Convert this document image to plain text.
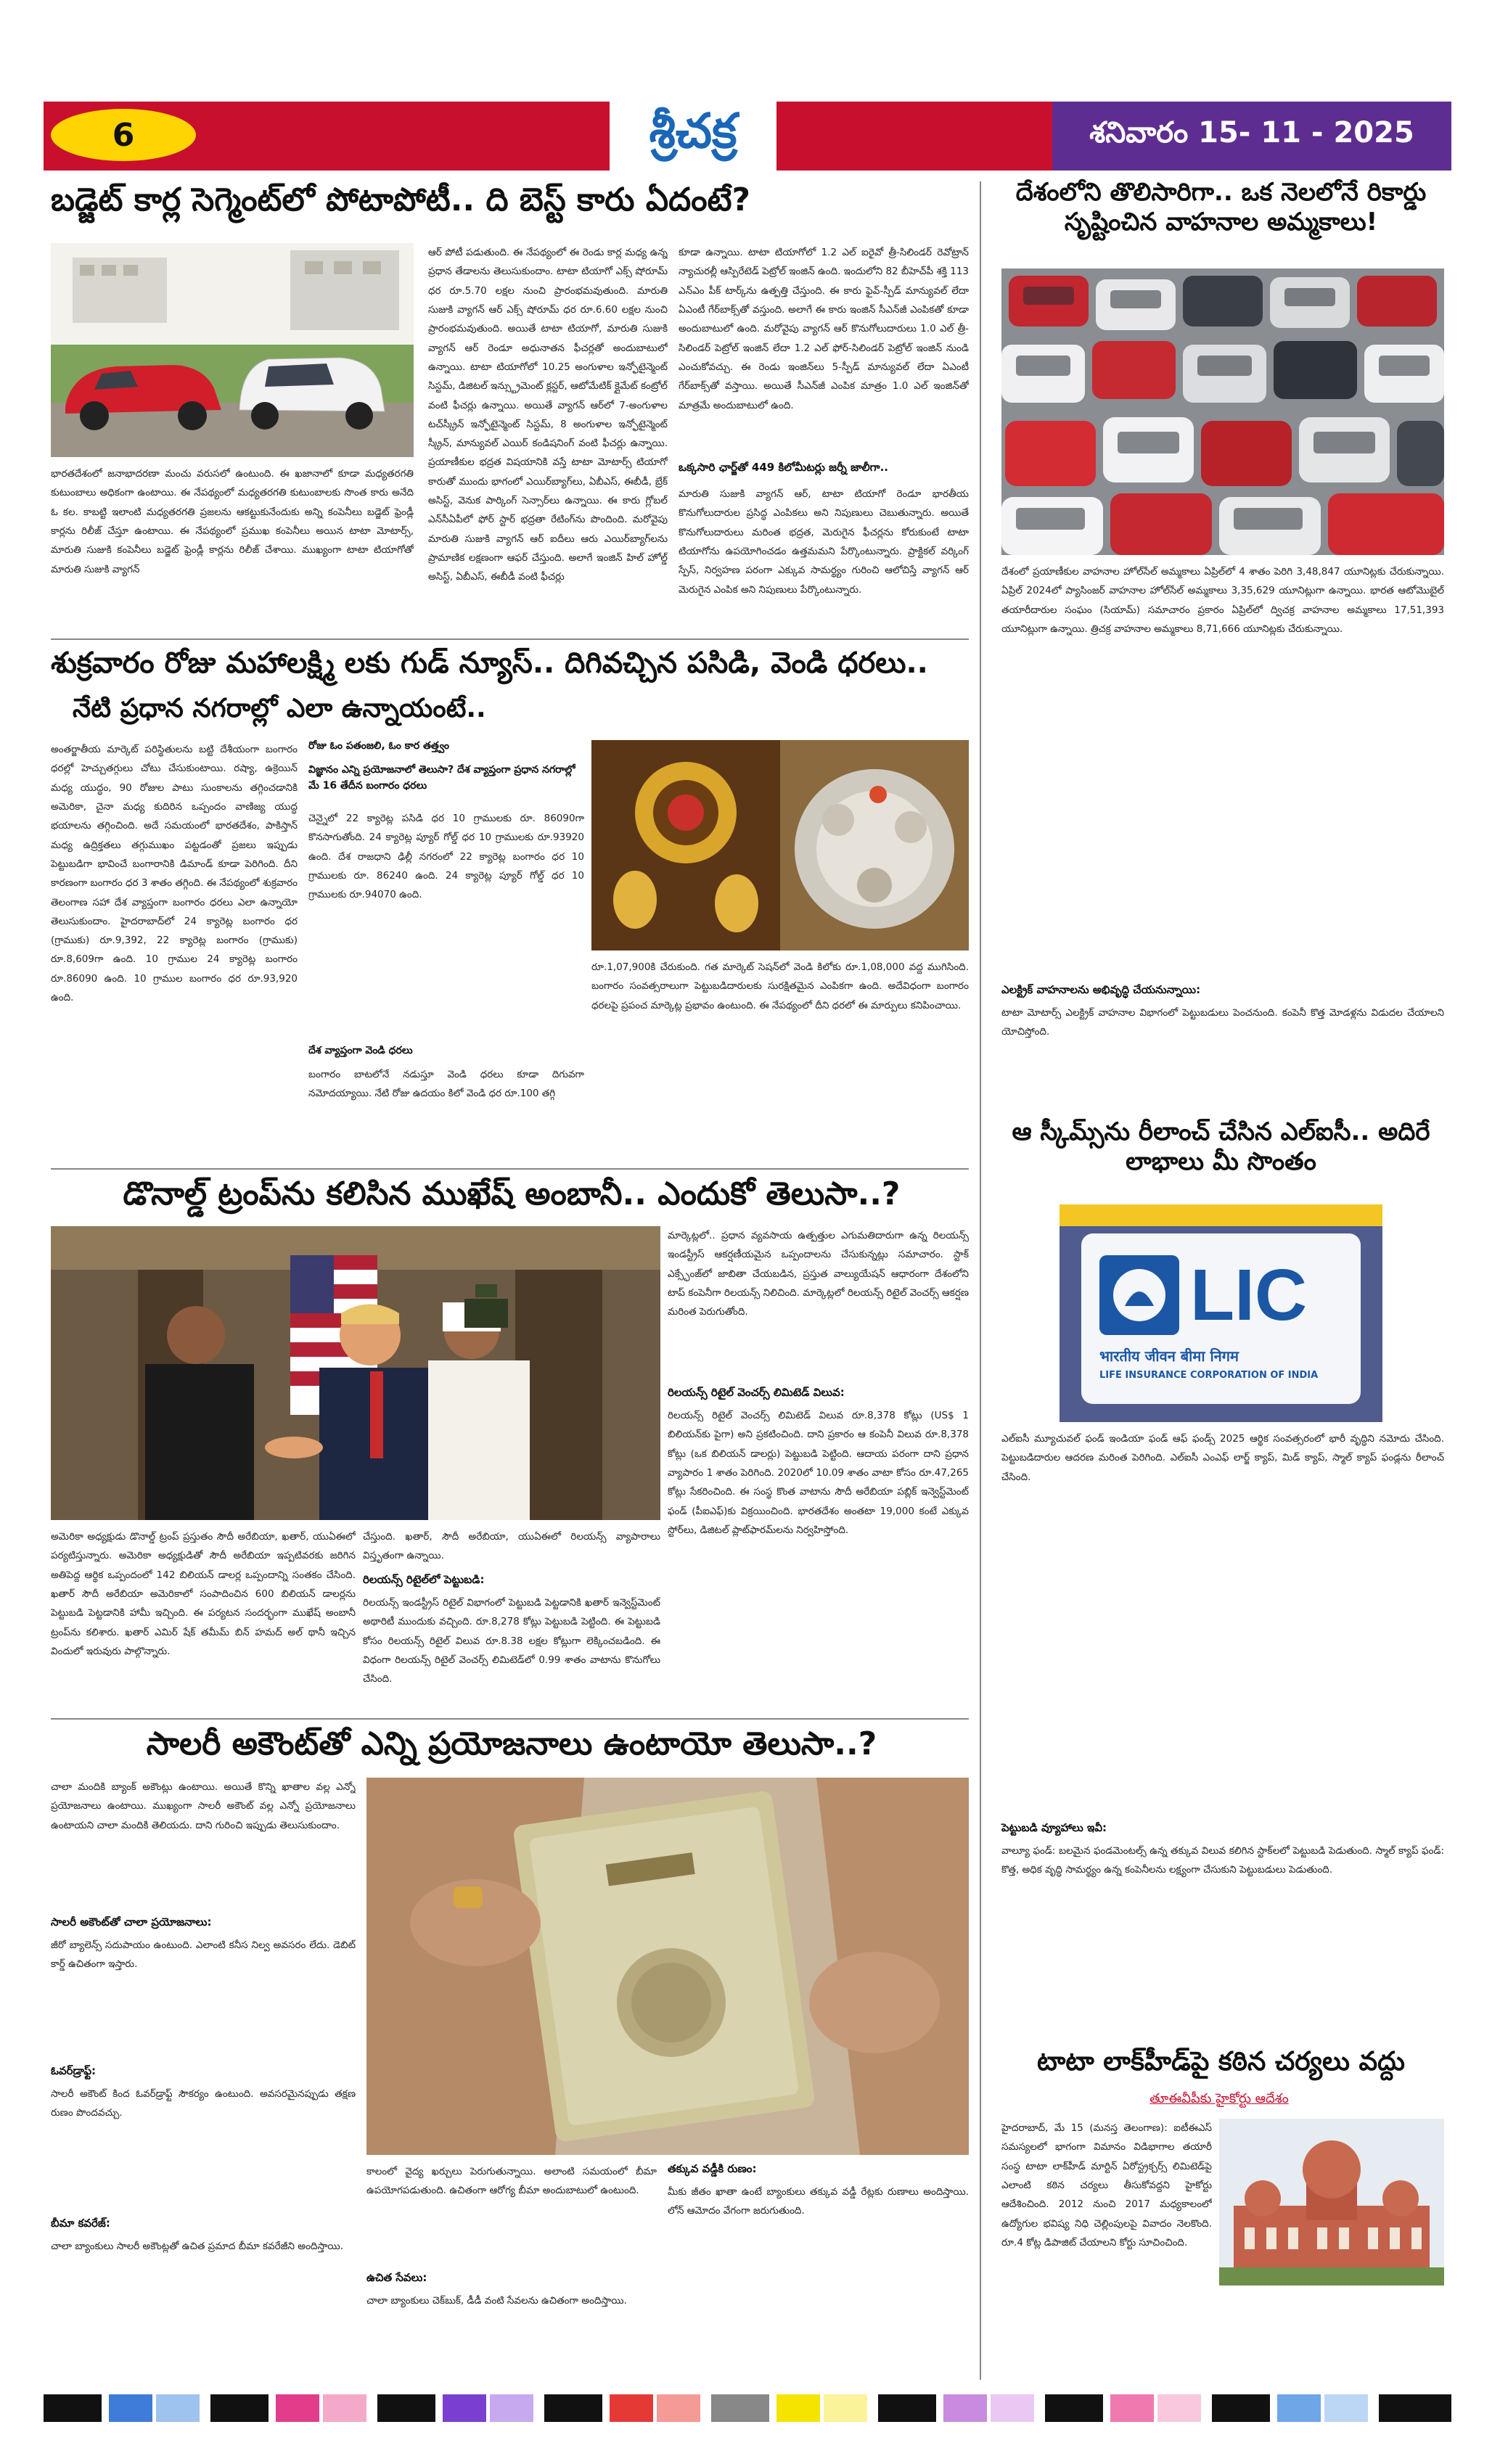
6	శ్రీచక్ర	శనివారం 15- 11 - 2025
బడ్జెట్ కార్ల సెగ్మెంట్‌లో పోటాపోటీ.. ది బెస్ట్ కారు ఏదంటే?
భారతదేశంలో జనాభాదరణా మంచు వరుసలో ఉంటుంది. ఈ ఖజానాలో కూడా మధ్యతరగతి కుటుంబాలు అధికంగా ఉంటాయి. ఈ నేపథ్యంలో మధ్యతరగతి కుటుంబాలకు సొంత కారు అనేది ఓ కల. కాబట్టి ఇలాంటి మధ్యతరగతి ప్రజలను ఆకట్టుకునేందుకు అన్ని కంపెనీలు బడ్జెట్ ఫ్రెండ్లీ కార్లను రిలీజ్ చేస్తూ ఉంటాయి. ఈ నేపథ్యంలో ప్రముఖ కంపెనీలు అయిన టాటా మోటార్స్, మారుతి సుజుకి కంపెనీలు బడ్జెట్ ఫ్రెండ్లీ కార్లను రిలీజ్ చేశాయి. ముఖ్యంగా టాటా టియాగోతో మారుతి సుజుకి వ్యాగన్
ఆర్ పోటీ పడుతుంది. ఈ నేపథ్యంలో ఈ రెండు కార్ల మధ్య ఉన్న ప్రధాన తేడాలను తెలుసుకుందాం. టాటా టియాగో ఎక్స్ షోరూమ్ ధర రూ.5.70 లక్షల నుంచి ప్రారంభమవుతుంది. మారుతి సుజుకి వ్యాగన్ ఆర్ ఎక్స్ షోరూమ్ ధర రూ.6.60 లక్షల నుంచి ప్రారంభమవుతుంది. అయితే టాటా టియాగో, మారుతి సుజుకి వ్యాగన్ ఆర్ రెండూ అధునాతన ఫీచర్లతో అందుబాటులో ఉన్నాయి. టాటా టియాగోలో 10.25 అంగుళాల ఇన్ఫోటైన్మెంట్ సిస్టమ్, డిజిటల్ ఇన్స్ట్రుమెంట్ క్లస్టర్, ఆటోమేటిక్ క్లైమేట్ కంట్రోల్ వంటి ఫీచర్లు ఉన్నాయి. అయితే వ్యాగన్ ఆర్‌లో 7-అంగుళాల టచ్‌స్క్రీన్ ఇన్ఫోటైన్మెంట్ సిస్టమ్, 8 అంగుళాల ఇన్ఫోటైన్మెంట్ స్క్రీన్, మాన్యువల్ ఎయిర్ కండిషనింగ్ వంటి ఫీచర్లు ఉన్నాయి. ప్రయాణీకుల భద్రత విషయానికి వస్తే టాటా మోటార్స్ టియాగో కారుతో ముందు భాగంలో ఎయిర్‌బ్యాగ్‌లు, ఏబీఎస్, ఈబీడీ, బ్రేక్ అసిస్ట్, వెనుక పార్కింగ్ సెన్సార్‌లు ఉన్నాయి. ఈ కారు గ్లోబల్ ఎన్‌సీఏపీలో ఫోర్ స్టార్ భద్రతా రేటింగ్‌ను పొందింది. మరోవైపు మారుతి సుజుకి వ్యాగన్ ఆర్ ఐదీలు ఆరు ఎయిర్‌బ్యాగ్‌లను ప్రామాణిక లక్షణంగా ఆఫర్ చేస్తుంది. అలాగే ఇంజిన్ హిల్ హోల్డ్ అసిస్ట్, ఏబీఎస్, ఈబీడీ వంటి ఫీచర్లు
కూడా ఉన్నాయి. టాటా టియాగోలో 1.2 ఎల్ ఐరైవో త్రీ-సిలిండర్ రెవోట్రాన్ న్యాచురల్లీ ఆస్పిరేటెడ్ పెట్రోల్ ఇంజిన్ ఉంది. ఇందులోని 82 బీహెచ్‌పీ శక్తి 113 ఎన్‌ఎం పీక్ టార్క్‌ను ఉత్పత్తి చేస్తుంది. ఈ కారు ఫైవ్-స్పీడ్ మాన్యువల్ లేదా ఏఎంటీ గేర్‌బాక్స్‌తో వస్తుంది. అలాగే ఈ కారు ఇంజిన్ సీఎన్‌జీ ఎంపికతో కూడా అందుబాటులో ఉంది. మరోవైపు వ్యాగన్ ఆర్ కొనుగోలుదారులు 1.0 ఎల్ త్రీ-సిలిండర్ పెట్రోల్ ఇంజిన్ లేదా 1.2 ఎల్ ఫోర్-సిలిండర్ పెట్రోల్ ఇంజిన్ నుండి ఎంచుకోవచ్చు. ఈ రెండు ఇంజిన్‌లు 5-స్పీడ్ మాన్యువల్ లేదా ఏఎంటీ గేర్‌బాక్స్‌తో వస్తాయి. అయితే సీఎన్‌జీ ఎంపిక మాత్రం 1.0 ఎల్ ఇంజిన్‌తో మాత్రమే అందుబాటులో ఉంది.
ఒక్కసారి ఛార్జ్‌తో 449 కిలోమీటర్లు జర్నీ జాలీగా..
మారుతి సుజుకి వ్యాగన్ ఆర్, టాటా టియాగో రెండూ భారతీయ కొనుగోలుదారుల ప్రసిద్ధ ఎంపికలు అని నిపుణులు చెబుతున్నారు. అయితే కొనుగోలుదారులు మరింత భద్రత, మెరుగైన ఫీచర్లను కోరుకుంటే టాటా టియాగోను ఉపయోగించడం ఉత్తమమని పేర్కొంటున్నారు. ప్రాక్టికల్ వర్కింగ్ స్పేస్, నిర్వహణ పరంగా ఎక్కువ సామర్థ్యం గురించి ఆలోచిస్తే వ్యాగన్ ఆర్ మెరుగైన ఎంపిక అని నిపుణులు పేర్కొంటున్నారు.
శుక్రవారం రోజు మహాలక్ష్మి లకు గుడ్ న్యూస్.. దిగివచ్చిన పసిడి, వెండి ధరలు..
నేటి ప్రధాన నగరాల్లో ఎలా ఉన్నాయంటే..
అంతర్జాతీయ మార్కెట్ పరిస్థితులను బట్టి దేశీయంగా బంగారం ధరల్లో హెచ్చుతగ్గులు చోటు చేసుకుంటాయి. రష్యా, ఉక్రెయిన్ మధ్య యుద్ధం, 90 రోజుల పాటు సుంకాలను తగ్గించడానికి అమెరికా, చైనా మధ్య కుదిరిన ఒప్పందం వాణిజ్య యుద్ధ భయాలను తగ్గించింది. అదే సమయంలో భారతదేశం, పాకిస్తాన్ మధ్య ఉద్రిక్తతలు తగ్గుముఖం పట్టడంతో ప్రజలు ఇప్పుడు పెట్టుబడిగా భావించే బంగారానికి డిమాండ్ కూడా పెరిగింది. దీని కారణంగా బంగారం ధర 3 శాతం తగ్గింది. ఈ నేపథ్యంలో శుక్రవారం తెలంగాణ సహా దేశ వ్యాప్తంగా బంగారం ధరలు ఎలా ఉన్నాయో తెలుసుకుందాం. హైదరాబాద్‌లో 24 క్యారెట్ల బంగారం ధర (గ్రాముకు) రూ.9,392, 22 క్యారెట్ల బంగారం (గ్రాముకు) రూ.8,609గా ఉంది. 10 గ్రాముల 24 క్యారెట్ల బంగారం రూ.86090 ఉంది. 10 గ్రాముల బంగారం ధర రూ.93,920 ఉంది.
రోజు ఓం పతంజలి, ఓం కార తత్త్వం
విజ్ఞానం ఎన్ని ప్రయోజనాలో తెలుసా? దేశ వ్యాప్తంగా ప్రధాన నగరాల్లో మే 16 తేదీన బంగారం ధరలు
చెన్నైలో 22 క్యారెట్ల పసిడి ధర 10 గ్రాములకు రూ. 86090గా కొనసాగుతోంది. 24 క్యారెట్ల ప్యూర్ గోల్డ్ ధర 10 గ్రాములకు రూ.93920 ఉంది. దేశ రాజధాని ఢిల్లీ నగరంలో 22 క్యారెట్ల బంగారం ధర 10 గ్రాములకు రూ. 86240 ఉంది. 24 క్యారెట్ల ప్యూర్ గోల్డ్ ధర 10 గ్రాములకు రూ.94070 ఉంది.
దేశ వ్యాప్తంగా వెండి ధరలు
బంగారం బాటలోనే నడుస్తూ వెండి ధరలు కూడా దిగువగా నమోదయ్యాయి. నేటి రోజు ఉదయం కిలో వెండి ధర రూ.100 తగ్గి
రూ.1,07,900కి చేరుకుంది. గత మార్కెట్ సెషన్‌లో వెండి కిలోకు రూ.1,08,000 వద్ద ముగిసింది. బంగారం సంవత్సరాలుగా పెట్టుబడిదారులకు సురక్షితమైన ఎంపికగా ఉంది. అదేవిధంగా బంగారం ధరలపై ప్రపంచ మార్కెట్ల ప్రభావం ఉంటుంది. ఈ నేపథ్యంలో దీని ధరలో ఈ మార్పులు కనిపించాయి.
డొనాల్డ్ ట్రంప్‌ను కలిసిన ముఖేష్ అంబానీ.. ఎందుకో తెలుసా..?
మార్కెట్లలో.. ప్రధాన వ్యవసాయ ఉత్పత్తుల ఎగుమతిదారుగా ఉన్న రిలయన్స్ ఇండస్ట్రీస్ ఆకర్షణీయమైన ఒప్పందాలను చేసుకున్నట్లు సమాచారం. స్టాక్ ఎక్స్ఛేంజ్‌లో జాబితా చేయబడిన, ప్రస్తుత వాల్యుయేషన్ ఆధారంగా దేశంలోని టాప్ కంపెనీగా రిలయన్స్ నిలిచింది. మార్కెట్లలో రిలయన్స్ రిటైల్ వెంచర్స్ ఆకర్షణ మరింత పెరుగుతోంది.
రిలయన్స్ రిటైల్ వెంచర్స్ లిమిటెడ్ విలువ:
రిలయన్స్ రిటైల్ వెంచర్స్ లిమిటెడ్ విలువ రూ.8,378 కోట్లు (US$ 1 బిలియన్‌కు పైగా) అని ప్రకటించింది. దాని ప్రకారం ఆ కంపెనీ విలువ రూ.8,378 కోట్లు (ఒక బిలియన్ డాలర్లు) పెట్టుబడి పెట్టింది. ఆదాయ పరంగా దాని ప్రధాన వ్యాపారం 1 శాతం పెరిగింది. 2020లో 10.09 శాతం వాటా కోసం రూ.47,265 కోట్లు సేకరించింది. ఈ సంస్థ కొంత వాటాను సౌదీ అరేబియా పబ్లిక్ ఇన్వెస్ట్‌మెంట్ ఫండ్ (పీఐఎఫ్)కు విక్రయించింది. భారతదేశం అంతటా 19,000 కంటే ఎక్కువ స్టోర్‌లు, డిజిటల్ ప్లాట్‌ఫారమ్‌లను నిర్వహిస్తోంది.
అమెరికా అధ్యక్షుడు డొనాల్డ్ ట్రంప్ ప్రస్తుతం సౌదీ అరేబియా, ఖతార్, యుఏఈలో పర్యటిస్తున్నారు. అమెరికా అధ్యక్షుడితో సౌదీ అరేబియా ఇప్పటివరకు జరిగిన అతిపెద్ద ఆర్థిక ఒప్పందంలో 142 బిలియన్ డాలర్ల ఒప్పందాన్ని సంతకం చేసింది. ఖతార్ సౌదీ అరేబియా అమెరికాలో సంపాదించిన 600 బిలియన్ డాలర్లను పెట్టుబడి పెట్టడానికి హామీ ఇచ్చింది. ఈ పర్యటన సందర్భంగా ముఖేష్ అంబానీ ట్రంప్‌ను కలిశారు. ఖతార్ ఎమిర్ షేక్ తమీమ్ బిన్ హమద్ అల్ థానీ ఇచ్చిన విందులో ఇరువురు పాల్గొన్నారు.
చేస్తుంది. ఖతార్, సౌదీ అరేబియా, యుఏఈలో రిలయన్స్ వ్యాపారాలు విస్తృతంగా ఉన్నాయి.
రిలయన్స్ రిటైల్‌లో పెట్టుబడి:
రిలయన్స్ ఇండస్ట్రీస్ రిటైల్ విభాగంలో పెట్టుబడి పెట్టడానికి ఖతార్ ఇన్వెస్ట్‌మెంట్ అథారిటీ ముందుకు వచ్చింది. రూ.8,278 కోట్లు పెట్టుబడి పెట్టింది. ఈ పెట్టుబడి కోసం రిలయన్స్ రిటైల్ విలువ రూ.8.38 లక్షల కోట్లుగా లెక్కించబడింది. ఈ విధంగా రిలయన్స్ రిటైల్ వెంచర్స్ లిమిటెడ్‌లో 0.99 శాతం వాటాను కొనుగోలు చేసింది.
సాలరీ అకౌంట్‌తో ఎన్ని ప్రయోజనాలు ఉంటాయో తెలుసా..?
చాలా మందికి బ్యాంక్ అకౌంట్లు ఉంటాయి. అయితే కొన్ని ఖాతాల వల్ల ఎన్నో ప్రయోజనాలు ఉంటాయి. ముఖ్యంగా సాలరీ అకౌంట్ వల్ల ఎన్నో ప్రయోజనాలు ఉంటాయని చాలా మందికి తెలియదు. దాని గురించి ఇప్పుడు తెలుసుకుందాం.
సాలరీ అకౌంట్‌తో చాలా ప్రయోజనాలు:
జీరో బ్యాలెన్స్ సదుపాయం ఉంటుంది. ఎలాంటి కనీస నిల్వ అవసరం లేదు. డెబిట్ కార్డ్ ఉచితంగా ఇస్తారు.
ఓవర్‌డ్రాఫ్ట్:
సాలరీ అకౌంట్ కింద ఓవర్‌డ్రాఫ్ట్ సౌకర్యం ఉంటుంది. అవసరమైనప్పుడు తక్షణ రుణం పొందవచ్చు.
బీమా కవరేజ్:
చాలా బ్యాంకులు సాలరీ అకౌంట్లతో ఉచిత ప్రమాద బీమా కవరేజీని అందిస్తాయి.
కాలంలో వైద్య ఖర్చులు పెరుగుతున్నాయి. అలాంటి సమయంలో బీమా ఉపయోగపడుతుంది. ఉచితంగా ఆరోగ్య బీమా అందుబాటులో ఉంటుంది.
ఉచిత సేవలు:
చాలా బ్యాంకులు చెక్‌బుక్, డీడీ వంటి సేవలను ఉచితంగా అందిస్తాయి.
తక్కువ వడ్డీకి రుణం:
మీకు జీతం ఖాతా ఉంటే బ్యాంకులు తక్కువ వడ్డీ రేట్లకు రుణాలు అందిస్తాయి. లోన్ ఆమోదం వేగంగా జరుగుతుంది.
దేశంలోని తొలిసారిగా.. ఒక నెలలోనే రికార్డు సృష్టించిన వాహనాల అమ్మకాలు!
దేశంలో ప్రయాణీకుల వాహనాల హోల్‌సేల్ అమ్మకాలు ఏప్రిల్‌లో 4 శాతం పెరిగి 3,48,847 యూనిట్లకు చేరుకున్నాయి. ఏప్రిల్ 2024లో ప్యాసింజర్ వాహనాల హోల్‌సేల్ అమ్మకాలు 3,35,629 యూనిట్లుగా ఉన్నాయి. భారత ఆటోమొబైల్ తయారీదారుల సంఘం (సియామ్) సమాచారం ప్రకారం ఏప్రిల్‌లో ద్విచక్ర వాహనాల అమ్మకాలు 17,51,393 యూనిట్లుగా ఉన్నాయి. త్రిచక్ర వాహనాల అమ్మకాలు 8,71,666 యూనిట్లకు చేరుకున్నాయి.
ఎలక్ట్రిక్ వాహనాలను అభివృద్ధి చేయనున్నాయి:
టాటా మోటార్స్ ఎలక్ట్రిక్ వాహనాల విభాగంలో పెట్టుబడులు పెంచనుంది. కంపెనీ కొత్త మోడళ్లను విడుదల చేయాలని యోచిస్తోంది.
ఆ స్కీమ్స్‌ను రీలాంచ్ చేసిన ఎల్ఐసీ.. అదిరే లాభాలు మీ సొంతం
LIC
भारतीय जीवन बीमा निगम
LIFE INSURANCE CORPORATION OF INDIA
ఎల్ఐసీ మ్యూచువల్ ఫండ్ ఇండియా ఫండ్ ఆఫ్ ఫండ్స్ 2025 ఆర్థిక సంవత్సరంలో భారీ వృద్ధిని నమోదు చేసింది. పెట్టుబడిదారుల ఆదరణ మరింత పెరిగింది. ఎల్ఐసీ ఎంఎఫ్ లార్జ్ క్యాప్, మిడ్ క్యాప్, స్మాల్ క్యాప్ ఫండ్లను రీలాంచ్ చేసింది.
పెట్టుబడి వ్యూహాలు ఇవీ:
వాల్యూ ఫండ్: బలమైన ఫండమెంటల్స్ ఉన్న తక్కువ విలువ కలిగిన స్టాక్‌లలో పెట్టుబడి పెడుతుంది. స్మాల్ క్యాప్ ఫండ్: కొత్త, అధిక వృద్ధి సామర్థ్యం ఉన్న కంపెనీలను లక్ష్యంగా చేసుకుని పెట్టుబడులు పెడుతుంది.
టాటా లాక్‌హీడ్‌పై కఠిన చర్యలు వద్దు
తూఈవీపీకు హైకోర్టు ఆదేశం
హైదరాబాద్, మే 15 (మనస్త తెలంగాణ): ఐటీఈఎస్ సమస్యలలో భాగంగా విమానం విడిభాగాల తయారీ సంస్థ టాటా లాక్‌హీడ్ మార్టిన్ ఏరోస్ట్రక్చర్స్ లిమిటెడ్‌పై ఎలాంటి కఠిన చర్యలు తీసుకోవద్దని హైకోర్టు ఆదేశించింది. 2012 నుంచి 2017 మధ్యకాలంలో ఉద్యోగుల భవిష్య నిధి చెల్లింపులపై వివాదం నెలకొంది. రూ.4 కోట్ల డిపాజిట్ చేయాలని కోర్టు సూచించింది.
